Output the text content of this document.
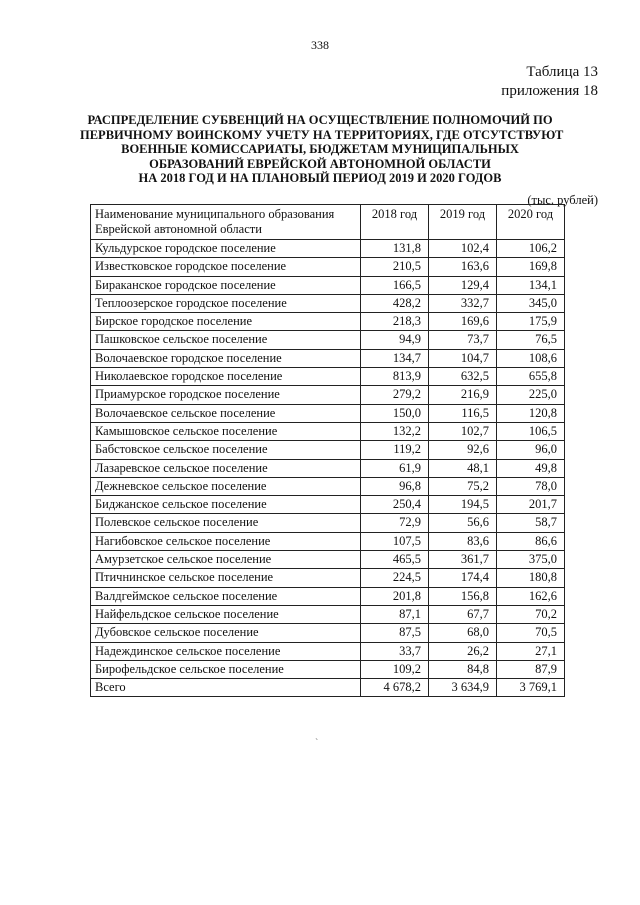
338
Таблица 13
приложения 18
РАСПРЕДЕЛЕНИЕ СУБВЕНЦИЙ НА ОСУЩЕСТВЛЕНИЕ ПОЛНОМОЧИЙ ПО
ПЕРВИЧНОМУ ВОИНСКОМУ УЧЕТУ НА ТЕРРИТОРИЯХ, ГДЕ ОТСУТСТВУЮТ
ВОЕННЫЕ КОМИССАРИАТЫ, БЮДЖЕТАМ МУНИЦИПАЛЬНЫХ
ОБРАЗОВАНИЙ ЕВРЕЙСКОЙ АВТОНОМНОЙ ОБЛАСТИ
НА 2018 ГОД И НА ПЛАНОВЫЙ ПЕРИОД 2019 И 2020 ГОДОВ
(тыс. рублей)
Наименование муниципального образования Еврейской автономной области	2018 год	2019 год	2020 год
Кульдурское городское поселение	131,8	102,4	106,2
Известковское городское поселение	210,5	163,6	169,8
Бираканское городское поселение	166,5	129,4	134,1
Теплоозерское городское поселение	428,2	332,7	345,0
Бирское городское поселение	218,3	169,6	175,9
Пашковское сельское поселение	94,9	73,7	76,5
Волочаевское городское поселение	134,7	104,7	108,6
Николаевское городское поселение	813,9	632,5	655,8
Приамурское городское поселение	279,2	216,9	225,0
Волочаевское сельское поселение	150,0	116,5	120,8
Камышовское сельское поселение	132,2	102,7	106,5
Бабстовское сельское поселение	119,2	92,6	96,0
Лазаревское сельское поселение	61,9	48,1	49,8
Дежневское сельское поселение	96,8	75,2	78,0
Биджанское сельское поселение	250,4	194,5	201,7
Полевское сельское поселение	72,9	56,6	58,7
Нагибовское сельское поселение	107,5	83,6	86,6
Амурзетское сельское поселение	465,5	361,7	375,0
Птичнинское сельское поселение	224,5	174,4	180,8
Валдгеймское сельское поселение	201,8	156,8	162,6
Найфельдское сельское поселение	87,1	67,7	70,2
Дубовское сельское поселение	87,5	68,0	70,5
Надеждинское сельское поселение	33,7	26,2	27,1
Бирофельдское сельское поселение	109,2	84,8	87,9
Всего	4 678,2	3 634,9	3 769,1
`
